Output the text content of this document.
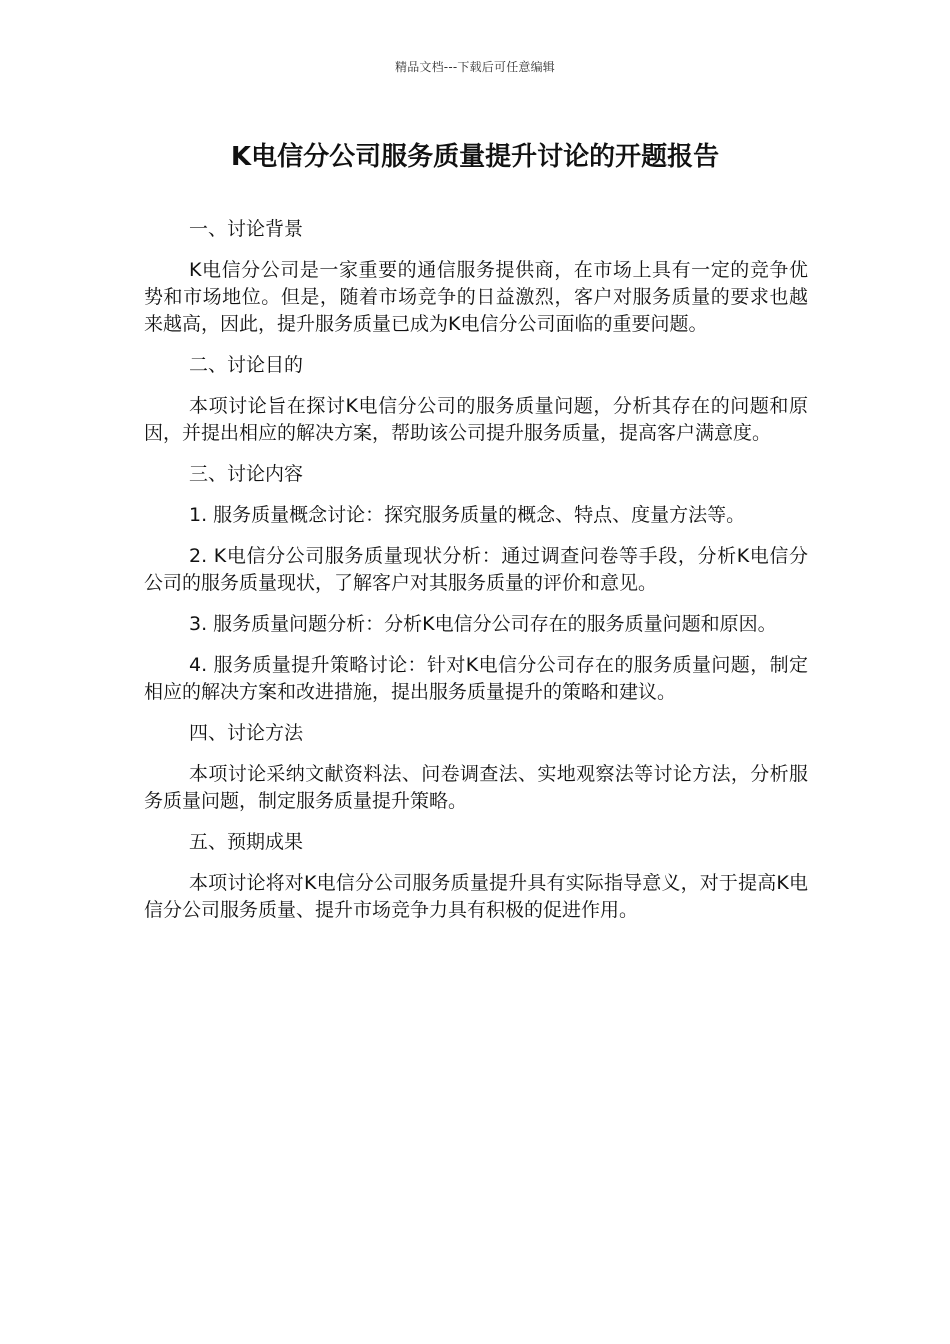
精品文档---下载后可任意编辑
K电信分公司服务质量提升讨论的开题报告

一、讨论背景

K电信分公司是一家重要的通信服务提供商，在市场上具有一定的竞争优势和市场地位。但是，随着市场竞争的日益激烈，客户对服务质量的要求也越来越高，因此，提升服务质量已成为K电信分公司面临的重要问题。

二、讨论目的

本项讨论旨在探讨K电信分公司的服务质量问题，分析其存在的问题和原因，并提出相应的解决方案，帮助该公司提升服务质量，提高客户满意度。

三、讨论内容

1. 服务质量概念讨论：探究服务质量的概念、特点、度量方法等。

2. K电信分公司服务质量现状分析：通过调查问卷等手段，分析K电信分公司的服务质量现状，了解客户对其服务质量的评价和意见。

3. 服务质量问题分析：分析K电信分公司存在的服务质量问题和原因。

4. 服务质量提升策略讨论：针对K电信分公司存在的服务质量问题，制定相应的解决方案和改进措施，提出服务质量提升的策略和建议。

四、讨论方法

本项讨论采纳文献资料法、问卷调查法、实地观察法等讨论方法，分析服务质量问题，制定服务质量提升策略。

五、预期成果

本项讨论将对K电信分公司服务质量提升具有实际指导意义，对于提高K电信分公司服务质量、提升市场竞争力具有积极的促进作用。
